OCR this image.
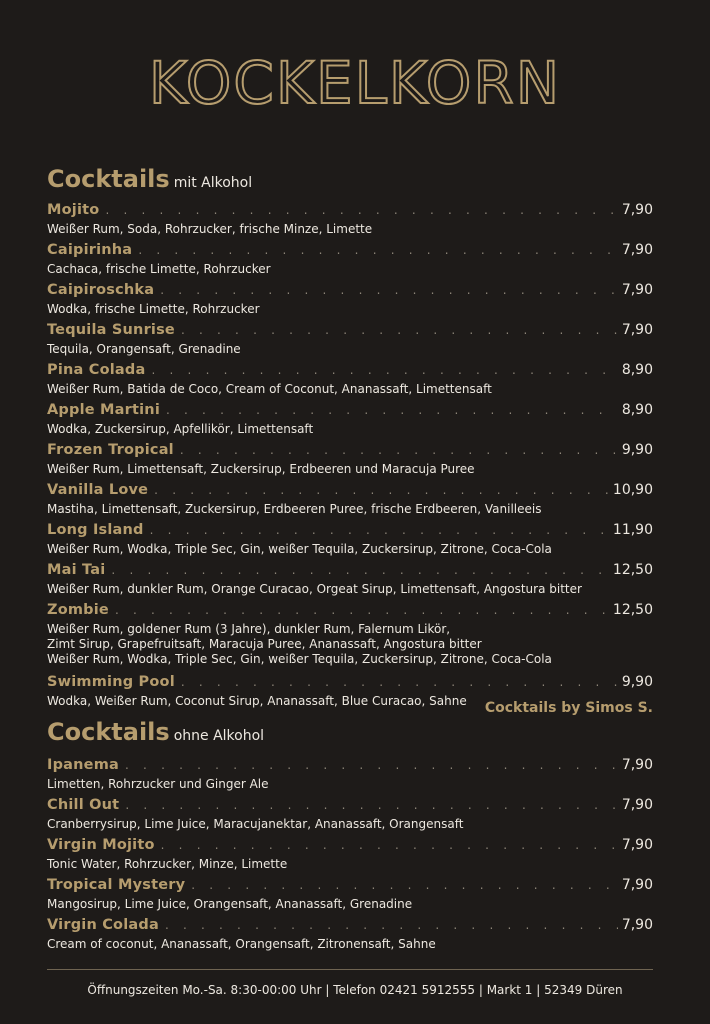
KOCKELKORN
Cocktails mit Alkohol
Mojito . . .	7,90
Weißer Rum, Soda, Rohrzucker, frische Minze, Limette
Caipirinha . . .	7,90
Cachaca, frische Limette, Rohrzucker
Caipiroschka . . .	7,90
Wodka, frische Limette, Rohrzucker
Tequila Sunrise . . .	7,90
Tequila, Orangensaft, Grenadine
Pina Colada . . .	8,90
Weißer Rum, Batida de Coco, Cream of Coconut, Ananassaft, Limettensaft
Apple Martini . . .	8,90
Wodka, Zuckersirup, Apfellikör, Limettensaft
Frozen Tropical . . .	9,90
Weißer Rum, Limettensaft, Zuckersirup, Erdbeeren und Maracuja Puree
Vanilla Love . . .	10,90
Mastiha, Limettensaft, Zuckersirup, Erdbeeren Puree, frische Erdbeeren, Vanilleeis
Long Island . . .	11,90
Weißer Rum, Wodka, Triple Sec, Gin, weißer Tequila, Zuckersirup, Zitrone, Coca-Cola
Mai Tai . . .	12,50
Weißer Rum, dunkler Rum, Orange Curacao, Orgeat Sirup, Limettensaft, Angostura bitter
Zombie . . .	12,50
Weißer Rum, goldener Rum (3 Jahre), dunkler Rum, Falernum Likör,
Zimt Sirup, Grapefruitsaft, Maracuja Puree, Ananassaft, Angostura bitter
Weißer Rum, Wodka, Triple Sec, Gin, weißer Tequila, Zuckersirup, Zitrone, Coca-Cola
Swimming Pool . . .	9,90
Wodka, Weißer Rum, Coconut Sirup, Ananassaft, Blue Curacao, Sahne	Cocktails by Simos S.
Cocktails ohne Alkohol
Ipanema . . .	7,90
Limetten, Rohrzucker und Ginger Ale
Chill Out . . .	7,90
Cranberrysirup, Lime Juice, Maracujanektar, Ananassaft, Orangensaft
Virgin Mojito . . .	7,90
Tonic Water, Rohrzucker, Minze, Limette
Tropical Mystery . . .	7,90
Mangosirup, Lime Juice, Orangensaft, Ananassaft, Grenadine
Virgin Colada . . .	7,90
Cream of coconut, Ananassaft, Orangensaft, Zitronensaft, Sahne
Öffnungszeiten Mo.-Sa. 8:30-00:00 Uhr | Telefon 02421 5912555 | Markt 1 | 52349 Düren
